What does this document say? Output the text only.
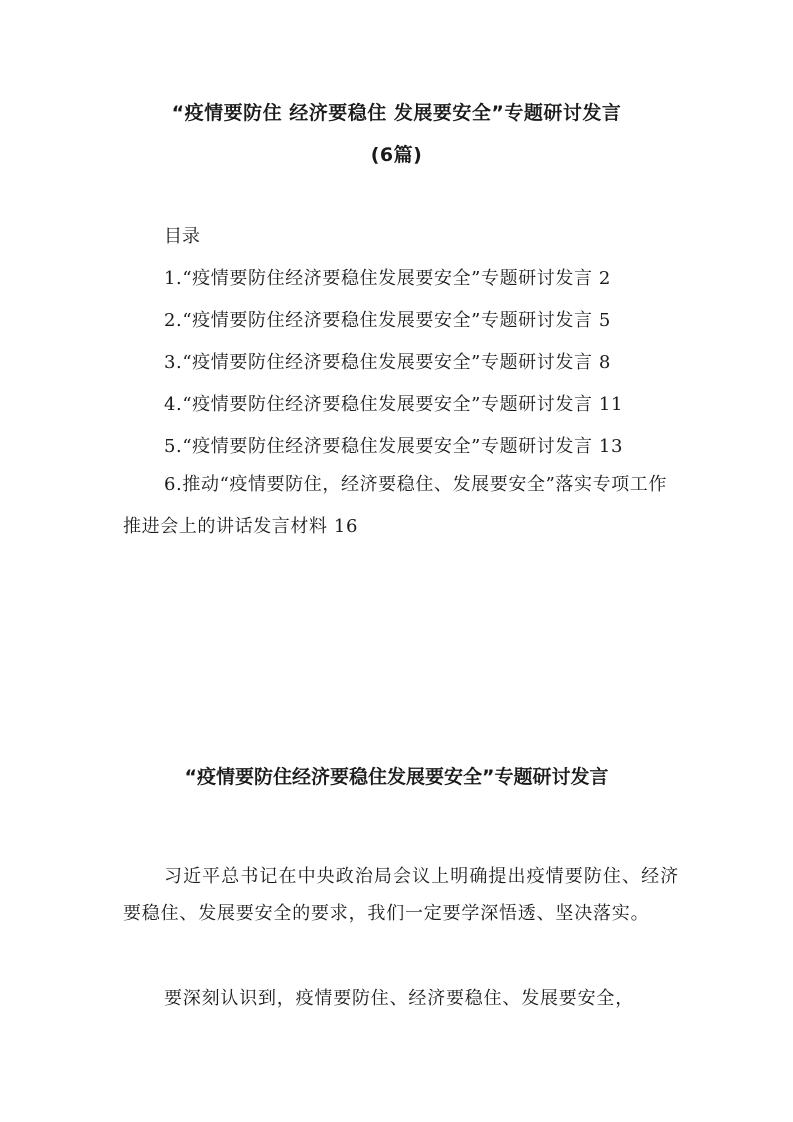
“疫情要防住 经济要稳住 发展要安全”专题研讨发言
(6篇)
目录
1.“疫情要防住经济要稳住发展要安全”专题研讨发言 2
2.“疫情要防住经济要稳住发展要安全”专题研讨发言 5
3.“疫情要防住经济要稳住发展要安全”专题研讨发言 8
4.“疫情要防住经济要稳住发展要安全”专题研讨发言 11
5.“疫情要防住经济要稳住发展要安全”专题研讨发言 13
6.推动“疫情要防住，经济要稳住、发展要安全”落实专项工作推进会上的讲话发言材料 16
“疫情要防住经济要稳住发展要安全”专题研讨发言

习近平总书记在中央政治局会议上明确提出疫情要防住、经济要稳住、发展要安全的要求，我们一定要学深悟透、坚决落实。

要深刻认识到，疫情要防住、经济要稳住、发展要安全，
